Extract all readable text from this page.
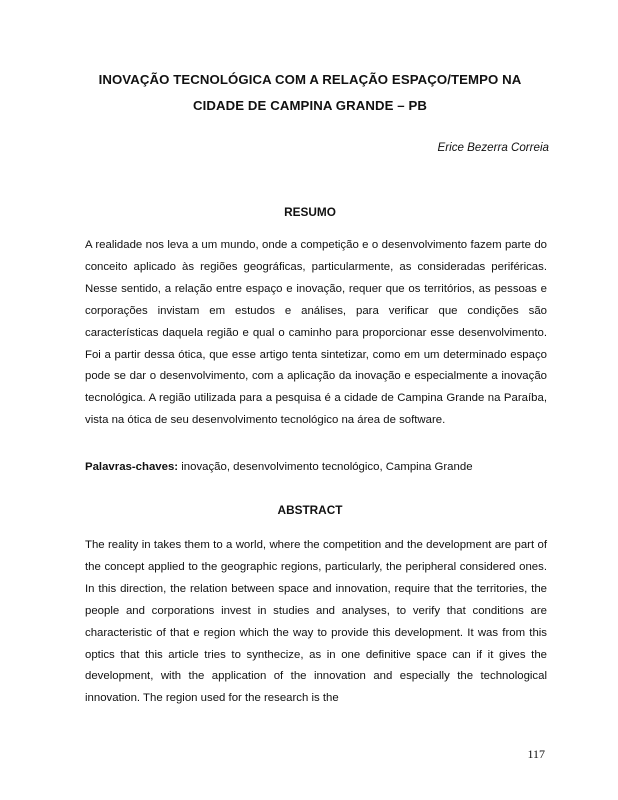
INOVAÇÃO TECNOLÓGICA COM A RELAÇÃO ESPAÇO/TEMPO NA
CIDADE DE CAMPINA GRANDE – PB
Erice Bezerra Correia
RESUMO

A realidade nos leva a um mundo, onde a competição e o desenvolvimento fazem parte do conceito aplicado às regiões geográficas, particularmente, as consideradas periféricas. Nesse sentido, a relação entre espaço e inovação, requer que os territórios, as pessoas e corporações invistam em estudos e análises, para verificar que condições são características daquela região e qual o caminho para proporcionar esse desenvolvimento. Foi a partir dessa ótica, que esse artigo tenta sintetizar, como em um determinado espaço pode se dar o desenvolvimento, com a aplicação da inovação e especialmente a inovação tecnológica. A região utilizada para a pesquisa é a cidade de Campina Grande na Paraíba, vista na ótica de seu desenvolvimento tecnológico na área de software.

Palavras-chaves: inovação, desenvolvimento tecnológico, Campina Grande
ABSTRACT

The reality in takes them to a world, where the competition and the development are part of the concept applied to the geographic regions, particularly, the peripheral considered ones. In this direction, the relation between space and innovation, require that the territories, the people and corporations invest in studies and analyses, to verify that conditions are characteristic of that e region which the way to provide this development. It was from this optics that this article tries to synthecize, as in one definitive space can if it gives the development, with the application of the innovation and especially the technological innovation. The region used for the research is the

117
